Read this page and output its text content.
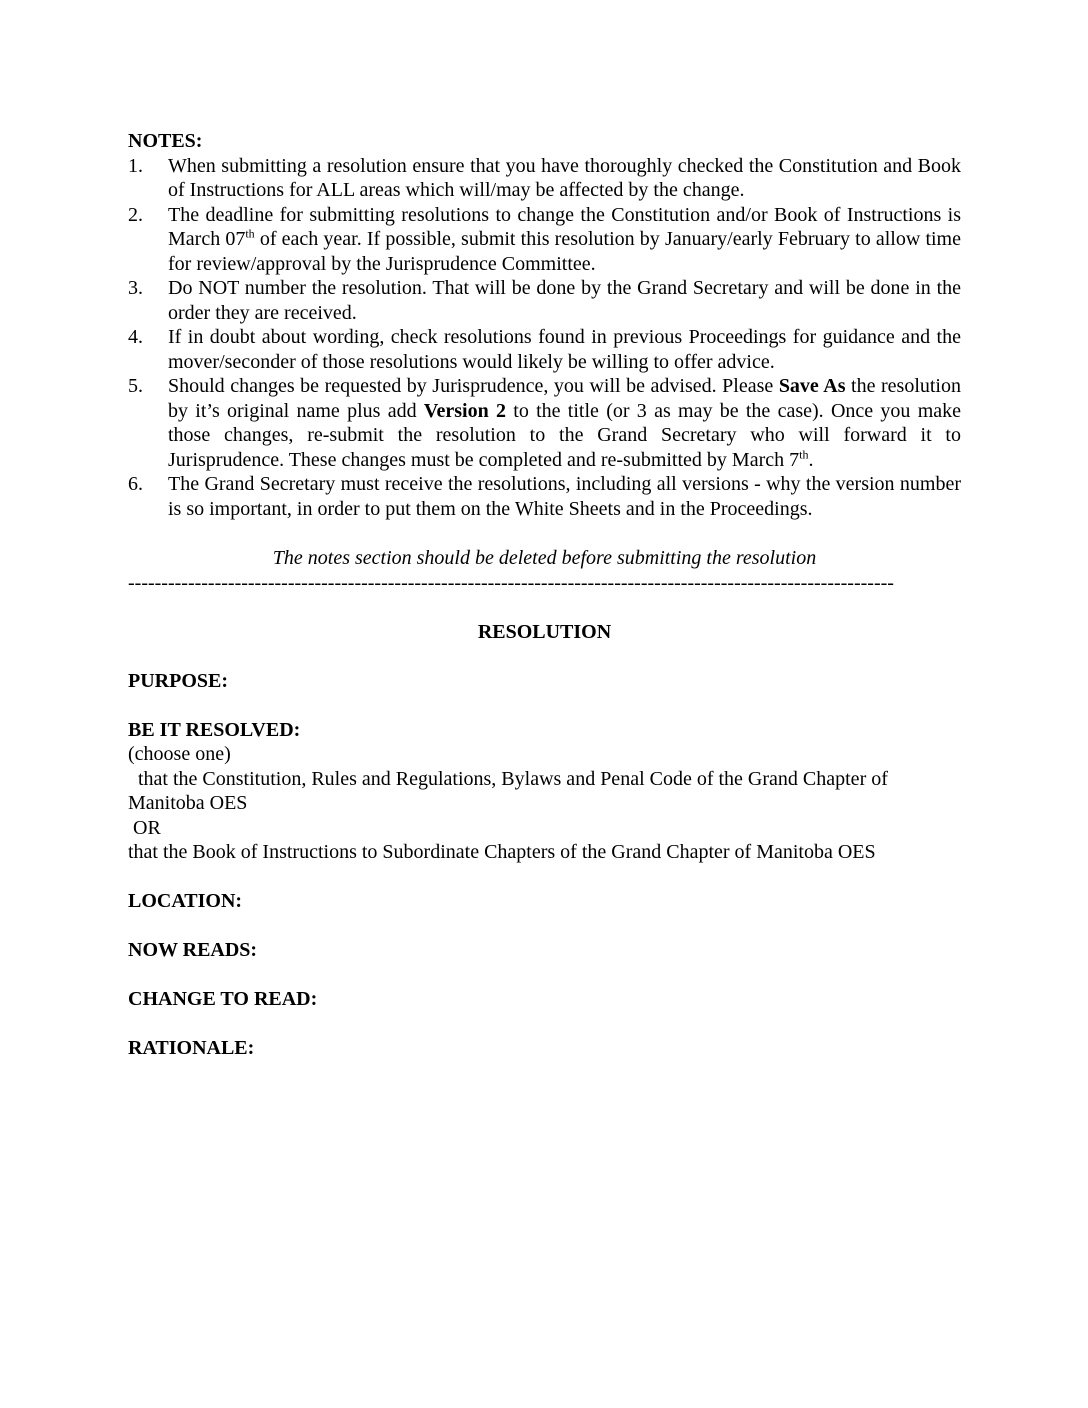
NOTES:
1. When submitting a resolution ensure that you have thoroughly checked the Constitution and Book of Instructions for ALL areas which will/may be affected by the change.
2. The deadline for submitting resolutions to change the Constitution and/or Book of Instructions is March 07th of each year. If possible, submit this resolution by January/early February to allow time for review/approval by the Jurisprudence Committee.
3. Do NOT number the resolution. That will be done by the Grand Secretary and will be done in the order they are received.
4. If in doubt about wording, check resolutions found in previous Proceedings for guidance and the mover/seconder of those resolutions would likely be willing to offer advice.
5. Should changes be requested by Jurisprudence, you will be advised. Please Save As the resolution by it’s original name plus add Version 2 to the title (or 3 as may be the case). Once you make those changes, re-submit the resolution to the Grand Secretary who will forward it to Jurisprudence. These changes must be completed and re-submitted by March 7th.
6. The Grand Secretary must receive the resolutions, including all versions - why the version number is so important, in order to put them on the White Sheets and in the Proceedings.
The notes section should be deleted before submitting the resolution
-------------------------------------------------------------------------------------------------------------------
RESOLUTION
PURPOSE:
BE IT RESOLVED:
(choose one)
that the Constitution, Rules and Regulations, Bylaws and Penal Code of the Grand Chapter of Manitoba OES
OR
that the Book of Instructions to Subordinate Chapters of the Grand Chapter of Manitoba OES
LOCATION:
NOW READS:
CHANGE TO READ:
RATIONALE:
